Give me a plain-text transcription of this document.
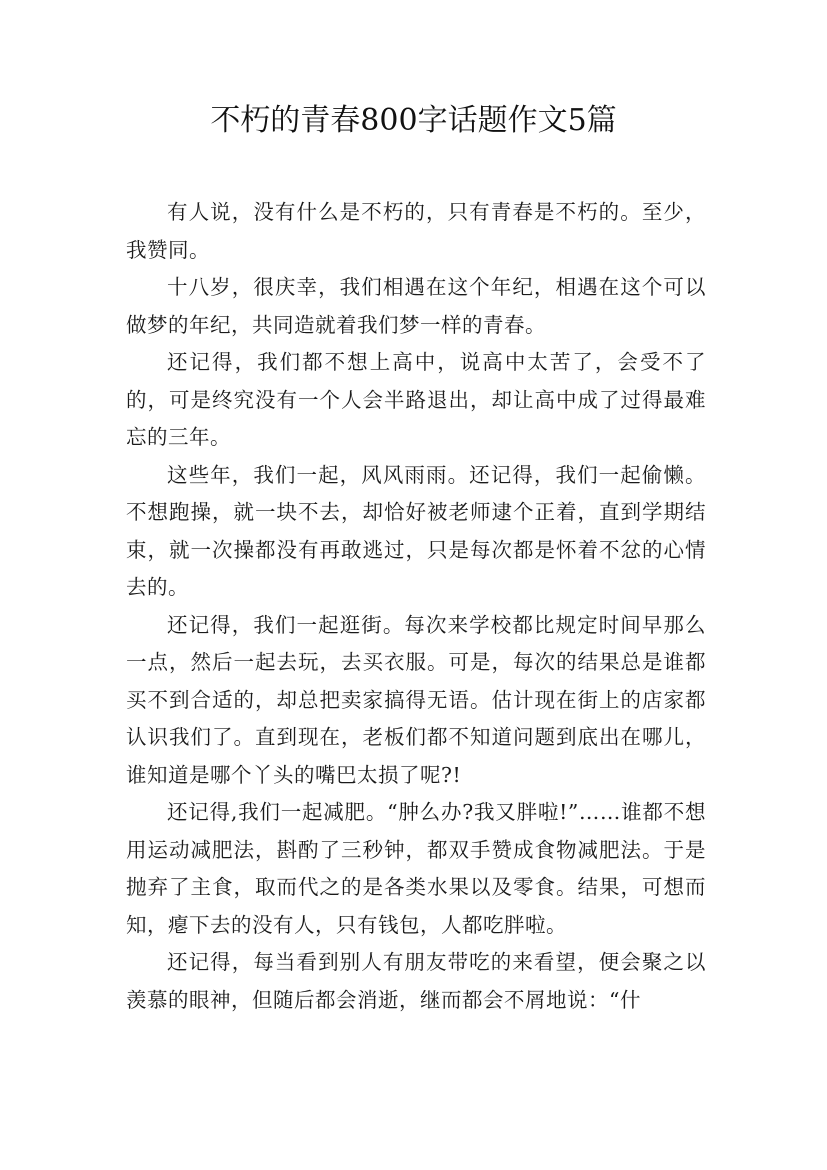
不朽的青春800字话题作文5篇

有人说，没有什么是不朽的，只有青春是不朽的。至少，我赞同。

十八岁，很庆幸，我们相遇在这个年纪，相遇在这个可以做梦的年纪，共同造就着我们梦一样的青春。

还记得，我们都不想上高中，说高中太苦了，会受不了的，可是终究没有一个人会半路退出，却让高中成了过得最难忘的三年。

这些年，我们一起，风风雨雨。还记得，我们一起偷懒。不想跑操，就一块不去，却恰好被老师逮个正着，直到学期结束，就一次操都没有再敢逃过，只是每次都是怀着不忿的心情去的。

还记得，我们一起逛街。每次来学校都比规定时间早那么一点，然后一起去玩，去买衣服。可是，每次的结果总是谁都买不到合适的，却总把卖家搞得无语。估计现在街上的店家都认识我们了。直到现在，老板们都不知道问题到底出在哪儿，谁知道是哪个丫头的嘴巴太损了呢?!

还记得,我们一起减肥。“肿么办?我又胖啦!”……谁都不想用运动减肥法，斟酌了三秒钟，都双手赞成食物减肥法。于是抛弃了主食，取而代之的是各类水果以及零食。结果，可想而知，瘪下去的没有人，只有钱包，人都吃胖啦。

还记得，每当看到别人有朋友带吃的来看望，便会聚之以羡慕的眼神，但随后都会消逝，继而都会不屑地说：“什
